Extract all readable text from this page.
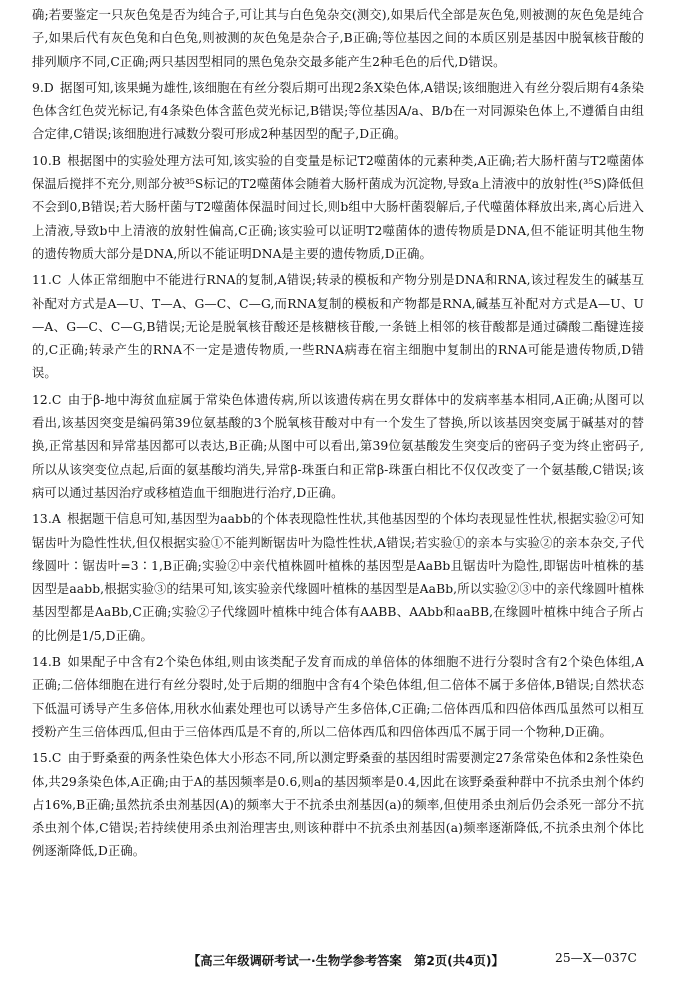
确;若要鉴定一只灰色兔是否为纯合子,可让其与白色兔杂交(测交),如果后代全部是灰色兔,则被测的灰色兔是纯合子,如果后代有灰色兔和白色兔,则被测的灰色兔是杂合子,B正确;等位基因之间的本质区别是基因中脱氧核苷酸的排列顺序不同,C正确;两只基因型相同的黑色兔杂交最多能产生2种毛色的后代,D错误。

9.D  据图可知,该果蝇为雄性,该细胞在有丝分裂后期可出现2条X染色体,A错误;该细胞进入有丝分裂后期有4条染色体含红色荧光标记,有4条染色体含蓝色荧光标记,B错误;等位基因A/a、B/b在一对同源染色体上,不遵循自由组合定律,C错误;该细胞进行减数分裂可形成2种基因型的配子,D正确。

10.B  根据图中的实验处理方法可知,该实验的自变量是标记T2噬菌体的元素种类,A正确;若大肠杆菌与T2噬菌体保温后搅拌不充分,则部分被³⁵S标记的T2噬菌体会随着大肠杆菌成为沉淀物,导致a上清液中的放射性(³⁵S)降低但不会到0,B错误;若大肠杆菌与T2噬菌体保温时间过长,则b组中大肠杆菌裂解后,子代噬菌体释放出来,离心后进入上清液,导致b中上清液的放射性偏高,C正确;该实验可以证明T2噬菌体的遗传物质是DNA,但不能证明其他生物的遗传物质大部分是DNA,所以不能证明DNA是主要的遗传物质,D正确。

11.C  人体正常细胞中不能进行RNA的复制,A错误;转录的模板和产物分别是DNA和RNA,该过程发生的碱基互补配对方式是A—U、T—A、G—C、C—G,而RNA复制的模板和产物都是RNA,碱基互补配对方式是A—U、U—A、G—C、C—G,B错误;无论是脱氧核苷酸还是核糖核苷酸,一条链上相邻的核苷酸都是通过磷酸二酯键连接的,C正确;转录产生的RNA不一定是遗传物质,一些RNA病毒在宿主细胞中复制出的RNA可能是遗传物质,D错误。

12.C  由于β-地中海贫血症属于常染色体遗传病,所以该遗传病在男女群体中的发病率基本相同,A正确;从图可以看出,该基因突变是编码第39位氨基酸的3个脱氧核苷酸对中有一个发生了替换,所以该基因突变属于碱基对的替换,正常基因和异常基因都可以表达,B正确;从图中可以看出,第39位氨基酸发生突变后的密码子变为终止密码子,所以从该突变位点起,后面的氨基酸均消失,异常β-珠蛋白和正常β-珠蛋白相比不仅仅改变了一个氨基酸,C错误;该病可以通过基因治疗或移植造血干细胞进行治疗,D正确。

13.A  根据题干信息可知,基因型为aabb的个体表现隐性性状,其他基因型的个体均表现显性性状,根据实验②可知锯齿叶为隐性性状,但仅根据实验①不能判断锯齿叶为隐性性状,A错误;若实验①的亲本与实验②的亲本杂交,子代缘圆叶∶锯齿叶=3∶1,B正确;实验②中亲代植株圆叶植株的基因型是AaBb且锯齿叶为隐性,即锯齿叶植株的基因型是aabb,根据实验③的结果可知,该实验亲代缘圆叶植株的基因型是AaBb,所以实验②③中的亲代缘圆叶植株基因型都是AaBb,C正确;实验②子代缘圆叶植株中纯合体有AABB、AAbb和aaBB,在缘圆叶植株中纯合子所占的比例是1/5,D正确。

14.B  如果配子中含有2个染色体组,则由该类配子发育而成的单倍体的体细胞不进行分裂时含有2个染色体组,A正确;二倍体细胞在进行有丝分裂时,处于后期的细胞中含有4个染色体组,但二倍体不属于多倍体,B错误;自然状态下低温可诱导产生多倍体,用秋水仙素处理也可以诱导产生多倍体,C正确;二倍体西瓜和四倍体西瓜虽然可以相互授粉产生三倍体西瓜,但由于三倍体西瓜是不育的,所以二倍体西瓜和四倍体西瓜不属于同一个物种,D正确。

15.C  由于野桑蚕的两条性染色体大小形态不同,所以测定野桑蚕的基因组时需要测定27条常染色体和2条性染色体,共29条染色体,A正确;由于A的基因频率是0.6,则a的基因频率是0.4,因此在该野桑蚕种群中不抗杀虫剂个体约占16%,B正确;虽然抗杀虫剂基因(A)的频率大于不抗杀虫剂基因(a)的频率,但使用杀虫剂后仍会杀死一部分不抗杀虫剂个体,C错误;若持续使用杀虫剂治理害虫,则该种群中不抗杀虫剂基因(a)频率逐渐降低,不抗杀虫剂个体比例逐渐降低,D正确。

【高三年级调研考试一·生物学参考答案　第2页(共4页)】	25—X—037C
